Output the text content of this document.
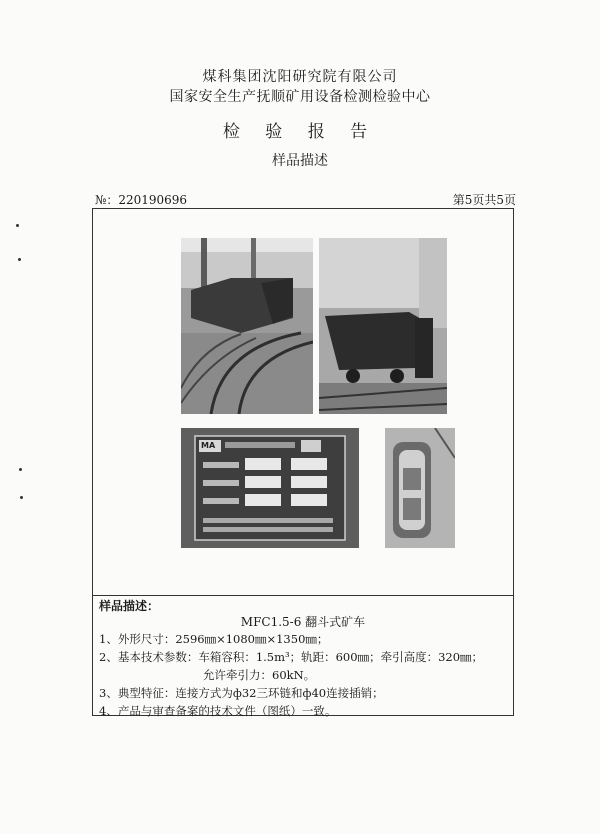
煤科集团沈阳研究院有限公司
国家安全生产抚顺矿用设备检测检验中心
检 验 报 告
样品描述
№：220190696	第5页共5页
MA
样品描述：
MFC1.5-6 翻斗式矿车
1、外形尺寸：2596㎜×1080㎜×1350㎜；
2、基本技术参数：车箱容积：1.5m³；轨距：600㎜；牵引高度：320㎜；
允许牵引力：60kN。
3、典型特征：连接方式为ф32三环链和ф40连接插销；
4、产品与审查备案的技术文件（图纸）一致。
